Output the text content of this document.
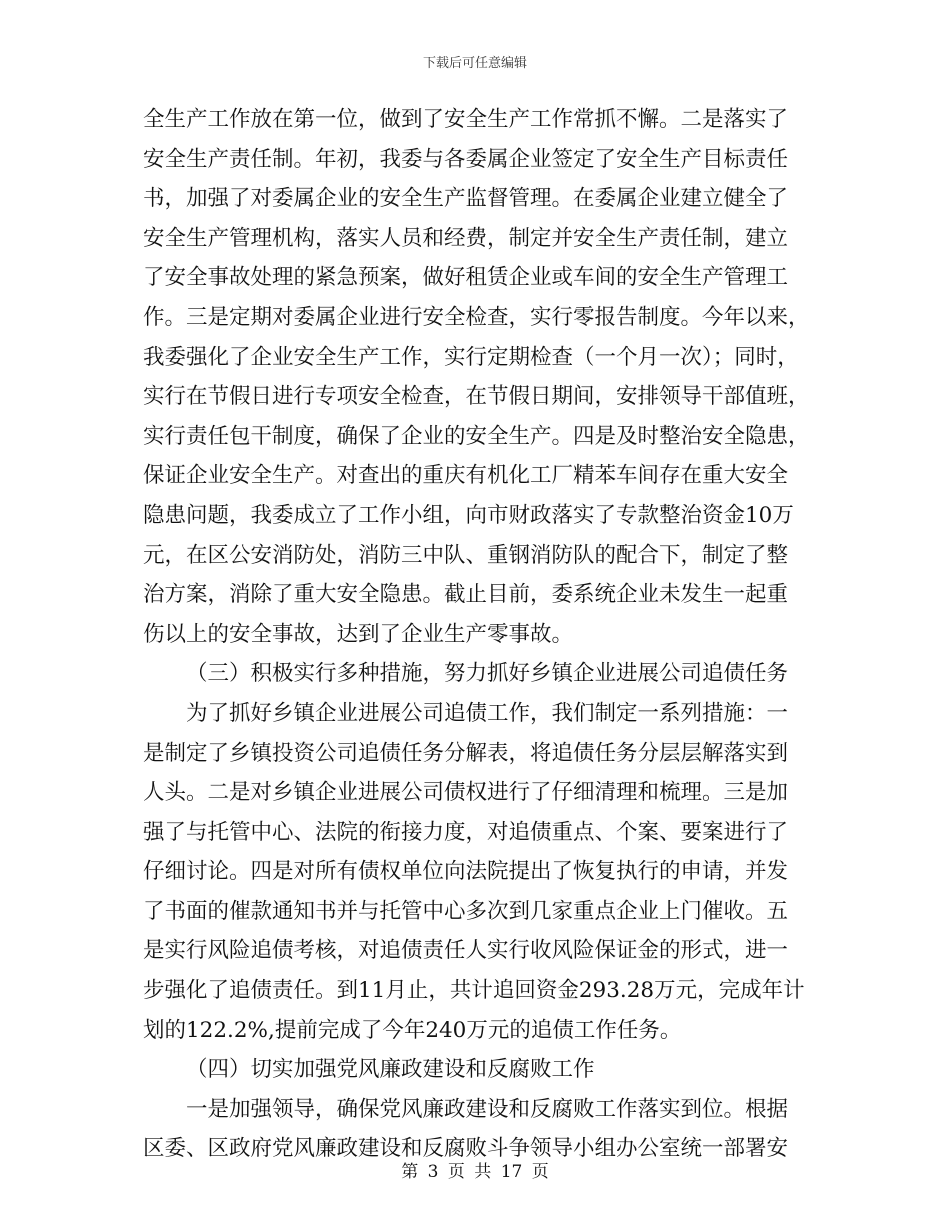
下载后可任意编辑
全生产工作放在第一位，做到了安全生产工作常抓不懈。二是落实了
安全生产责任制。年初，我委与各委属企业签定了安全生产目标责任
书，加强了对委属企业的安全生产监督管理。在委属企业建立健全了
安全生产管理机构，落实人员和经费，制定并安全生产责任制，建立
了安全事故处理的紧急预案，做好租赁企业或车间的安全生产管理工
作。三是定期对委属企业进行安全检查，实行零报告制度。今年以来，
我委强化了企业安全生产工作，实行定期检查（一个月一次）；同时，
实行在节假日进行专项安全检查，在节假日期间，安排领导干部值班，
实行责任包干制度，确保了企业的安全生产。四是及时整治安全隐患，
保证企业安全生产。对查出的重庆有机化工厂精苯车间存在重大安全
隐患问题，我委成立了工作小组，向市财政落实了专款整治资金10万
元，在区公安消防处，消防三中队、重钢消防队的配合下，制定了整
治方案，消除了重大安全隐患。截止目前，委系统企业未发生一起重
伤以上的安全事故，达到了企业生产零事故。
（三）积极实行多种措施，努力抓好乡镇企业进展公司追债任务
为了抓好乡镇企业进展公司追债工作，我们制定一系列措施：一
是制定了乡镇投资公司追债任务分解表，将追债任务分层层解落实到
人头。二是对乡镇企业进展公司债权进行了仔细清理和梳理。三是加
强了与托管中心、法院的衔接力度，对追债重点、个案、要案进行了
仔细讨论。四是对所有债权单位向法院提出了恢复执行的申请，并发
了书面的催款通知书并与托管中心多次到几家重点企业上门催收。五
是实行风险追债考核，对追债责任人实行收风险保证金的形式，进一
步强化了追债责任。到11月止，共计追回资金293.28万元，完成年计
划的122.2%,提前完成了今年240万元的追债工作任务。
（四）切实加强党风廉政建设和反腐败工作
一是加强领导，确保党风廉政建设和反腐败工作落实到位。根据
区委、区政府党风廉政建设和反腐败斗争领导小组办公室统一部署安
第 3 页 共 17 页
